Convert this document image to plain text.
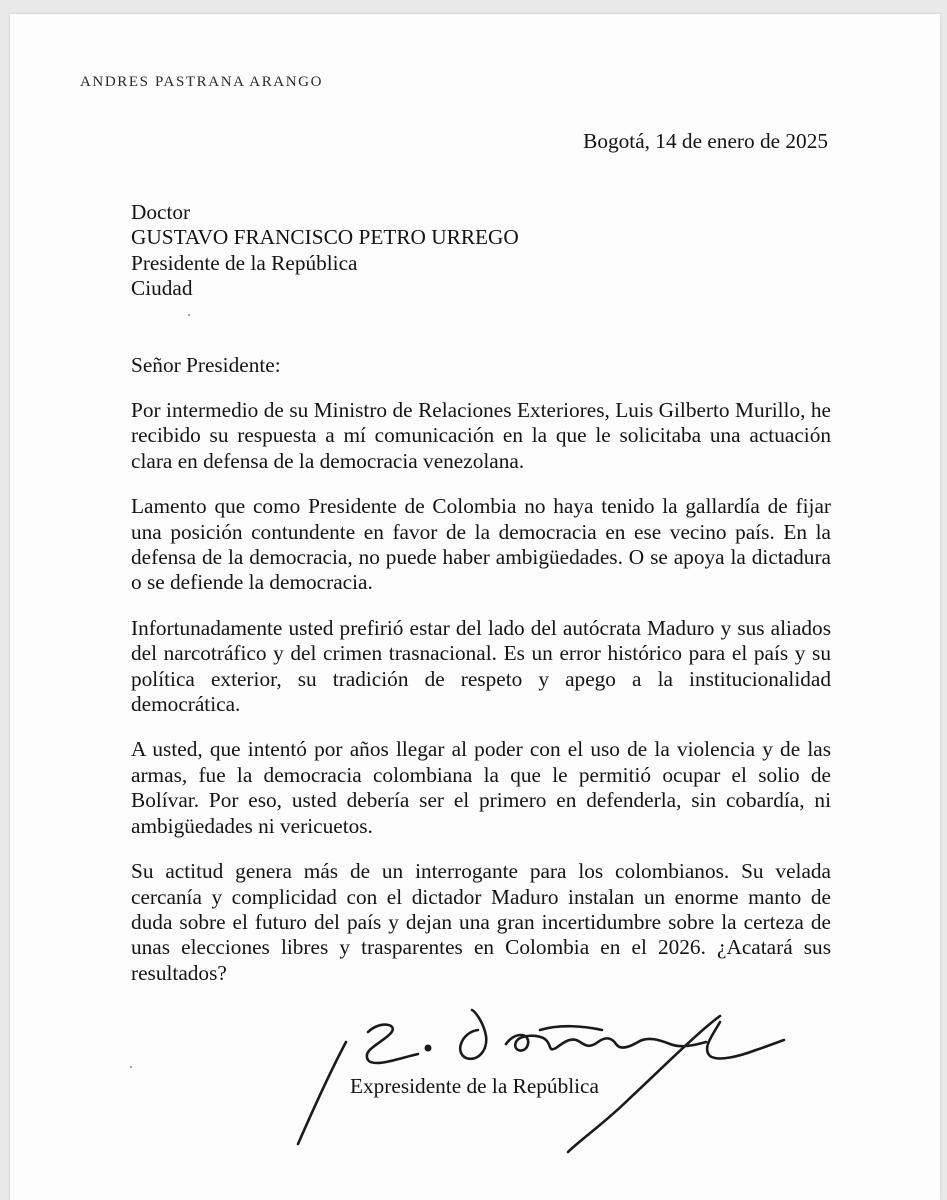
ANDRES PASTRANA ARANGO
Bogotá, 14 de enero de 2025
Doctor
GUSTAVO FRANCISCO PETRO URREGO
Presidente de la República
Ciudad
Señor Presidente:

Por intermedio de su Ministro de Relaciones Exteriores, Luis Gilberto Murillo, he recibido su respuesta a mí comunicación en la que le solicitaba una actuación clara en defensa de la democracia venezolana.

Lamento que como Presidente de Colombia no haya tenido la gallardía de fijar una posición contundente en favor de la democracia en ese vecino país. En la defensa de la democracia, no puede haber ambigüedades. O se apoya la dictadura o se defiende la democracia.

Infortunadamente usted prefirió estar del lado del autócrata Maduro y sus aliados del narcotráfico y del crimen trasnacional. Es un error histórico para el país y su política exterior, su tradición de respeto y apego a la institucionalidad democrática.

A usted, que intentó por años llegar al poder con el uso de la violencia y de las armas, fue la democracia colombiana la que le permitió ocupar el solio de Bolívar. Por eso, usted debería ser el primero en defenderla, sin cobardía, ni ambigüedades ni vericuetos.

Su actitud genera más de un interrogante para los colombianos. Su velada cercanía y complicidad con el dictador Maduro instalan un enorme manto de duda sobre el futuro del país y dejan una gran incertidumbre sobre la certeza de unas elecciones libres y trasparentes en Colombia en el 2026. ¿Acatará sus resultados?

Expresidente de la República
